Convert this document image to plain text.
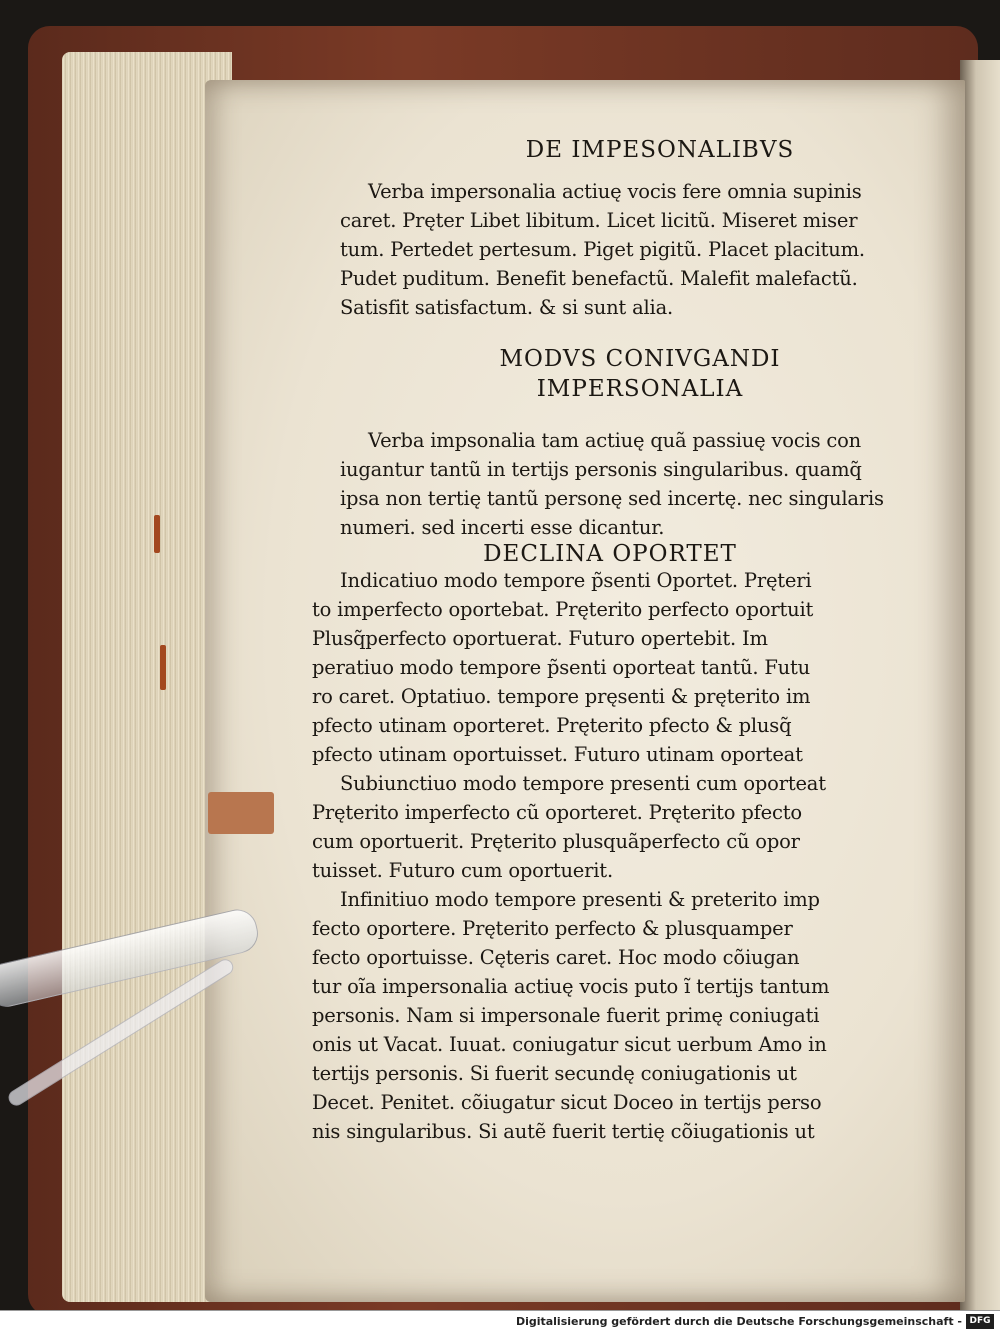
DE IMPESONALIBVS
Verba impersonalia actiuę vocis fere omnia supinis
caret. Pręter Libet libitum. Licet licitũ. Miseret miser
tum. Pertedet pertesum. Piget pigitũ. Placet placitum.
Pudet puditum. Benefit benefactũ. Malefit malefactũ.
Satisfit satisfactum. & si sunt alia.
MODVS CONIVGANDI
IMPERSONALIA
Verba impsonalia tam actiuę quã passiuę vocis con
iugantur tantũ in tertijs personis singularibus. quamq̃
ipsa non tertię tantũ personę sed incertę. nec singularis
numeri. sed incerti esse dicantur.
DECLINA OPORTET
Indicatiuo modo tempore p̃senti Oportet. Pręteri
to imperfecto oportebat. Pręterito perfecto oportuit
Plusq̃perfecto oportuerat. Futuro opertebit. Im
peratiuo modo tempore p̃senti oporteat tantũ. Futu
ro caret. Optatiuo. tempore pręsenti & pręterito im
pfecto utinam oporteret. Pręterito pfecto & plusq̃
pfecto utinam oportuisset. Futuro utinam oporteat
Subiunctiuo modo tempore presenti cum oporteat
Pręterito imperfecto cũ oporteret. Pręterito pfecto
cum oportuerit. Pręterito plusquãperfecto cũ opor
tuisset. Futuro cum oportuerit.
Infinitiuo modo tempore presenti & preterito imp
fecto oportere. Pręterito perfecto & plusquamper
fecto oportuisse. Cęteris caret. Hoc modo cõiugan
tur oĩa impersonalia actiuę vocis puto ĩ tertijs tantum
personis. Nam si impersonale fuerit primę coniugati
onis ut Vacat. Iuuat. coniugatur sicut uerbum Amo in
tertijs personis. Si fuerit secundę coniugationis ut
Decet. Penitet. cõiugatur sicut Doceo in tertijs perso
nis singularibus. Si autẽ fuerit tertię cõiugationis ut
Digitalisierung gefördert durch die Deutsche Forschungsgemeinschaft - DFG
